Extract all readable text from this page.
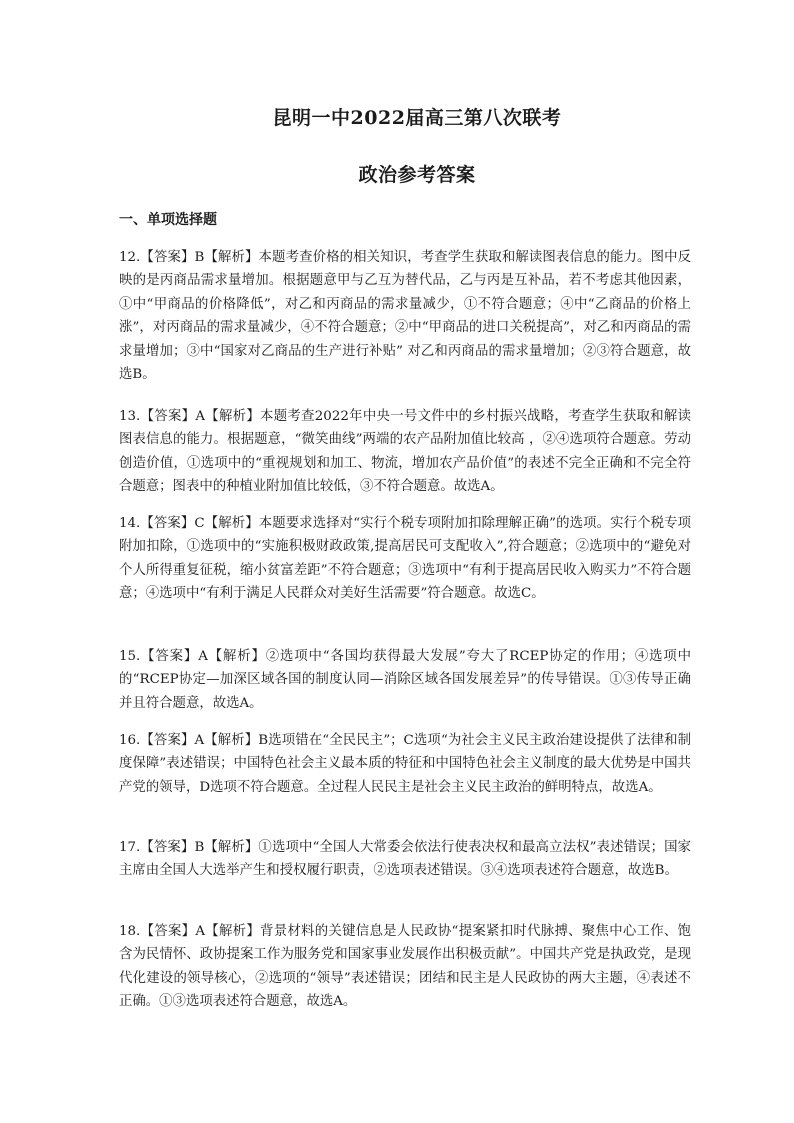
昆明一中2022届高三第八次联考
政治参考答案
一、单项选择题
12.【答案】B【解析】本题考查价格的相关知识，考查学生获取和解读图表信息的能力。图中反映的是丙商品需求量增加。根据题意甲与乙互为替代品，乙与丙是互补品，若不考虑其他因素，①中“甲商品的价格降低”，对乙和丙商品的需求量减少，①不符合题意；④中“乙商品的价格上涨”，对丙商品的需求量减少，④不符合题意；②中“甲商品的进口关税提高”，对乙和丙商品的需求量增加；③中“国家对乙商品的生产进行补贴” 对乙和丙商品的需求量增加；②③符合题意，故选B。
13.【答案】A【解析】本题考查2022年中央一号文件中的乡村振兴战略，考查学生获取和解读图表信息的能力。根据题意，“微笑曲线”两端的农产品附加值比较高 ，②④选项符合题意。劳动创造价值，①选项中的“重视规划和加工、物流，增加农产品价值”的表述不完全正确和不完全符合题意；图表中的种植业附加值比较低，③不符合题意。故选A。
14.【答案】C【解析】本题要求选择对“实行个税专项附加扣除理解正确”的选项。实行个税专项附加扣除，①选项中的“实施积极财政政策,提高居民可支配收入”,符合题意；②选项中的“避免对个人所得重复征税，缩小贫富差距”不符合题意；③选项中“有利于提高居民收入购买力”不符合题意；④选项中“有利于满足人民群众对美好生活需要”符合题意。故选C。
15.【答案】A【解析】②选项中“各国均获得最大发展”夸大了RCEP协定的作用；④选项中的“RCEP协定—加深区域各国的制度认同—消除区域各国发展差异”的传导错误。①③传导正确并且符合题意，故选A。
16.【答案】A【解析】B选项错在“全民民主”；C选项“为社会主义民主政治建设提供了法律和制度保障”表述错误；中国特色社会主义最本质的特征和中国特色社会主义制度的最大优势是中国共产党的领导，D选项不符合题意。全过程人民民主是社会主义民主政治的鲜明特点，故选A。
17.【答案】B【解析】①选项中“全国人大常委会依法行使表决权和最高立法权”表述错误；国家主席由全国人大选举产生和授权履行职责，②选项表述错误。③④选项表述符合题意，故选B。
18.【答案】A【解析】背景材料的关键信息是人民政协“提案紧扣时代脉搏、聚焦中心工作、饱含为民情怀、政协提案工作为服务党和国家事业发展作出积极贡献”。中国共产党是执政党，是现代化建设的领导核心，②选项的“领导”表述错误；团结和民主是人民政协的两大主题，④表述不正确。①③选项表述符合题意，故选A。
